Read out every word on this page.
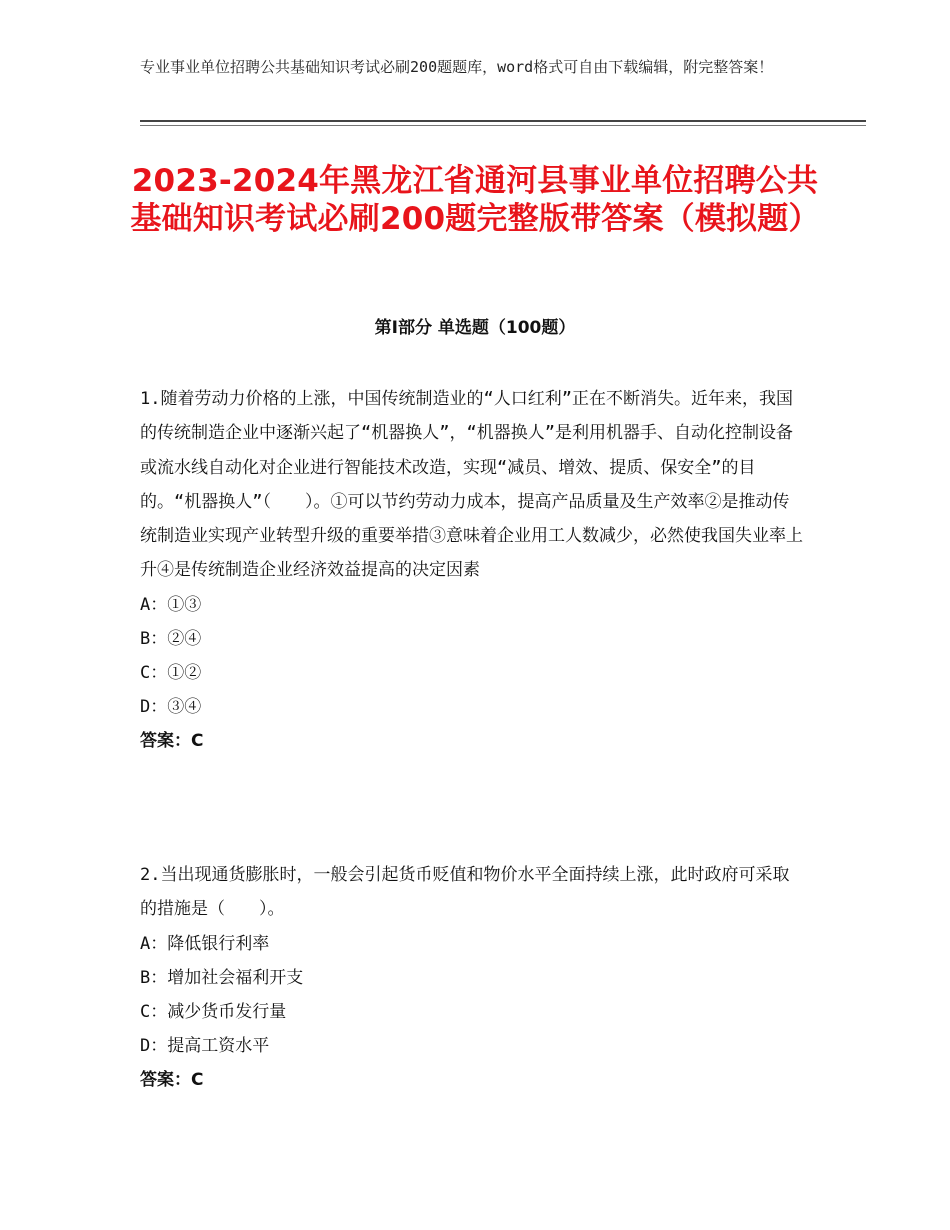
专业事业单位招聘公共基础知识考试必刷200题题库，word格式可自由下载编辑，附完整答案！
2023-2024年黑龙江省通河县事业单位招聘公共基础知识考试必刷200题完整版带答案（模拟题）
第Ⅰ部分 单选题（100题）

1.随着劳动力价格的上涨，中国传统制造业的“人口红利”正在不断消失。近年来，我国的传统制造企业中逐渐兴起了“机器换人”，“机器换人”是利用机器手、自动化控制设备或流水线自动化对企业进行智能技术改造，实现“减员、增效、提质、保安全”的目的。“机器换人”（　　）。①可以节约劳动力成本，提高产品质量及生产效率②是推动传统制造业实现产业转型升级的重要举措③意味着企业用工人数减少，必然使我国失业率上升④是传统制造企业经济效益提高的决定因素

A：①③

B：②④

C：①②

D：③④

答案：C

2.当出现通货膨胀时，一般会引起货币贬值和物价水平全面持续上涨，此时政府可采取的措施是（　　）。

A：降低银行利率

B：增加社会福利开支

C：减少货币发行量

D：提高工资水平

答案：C
